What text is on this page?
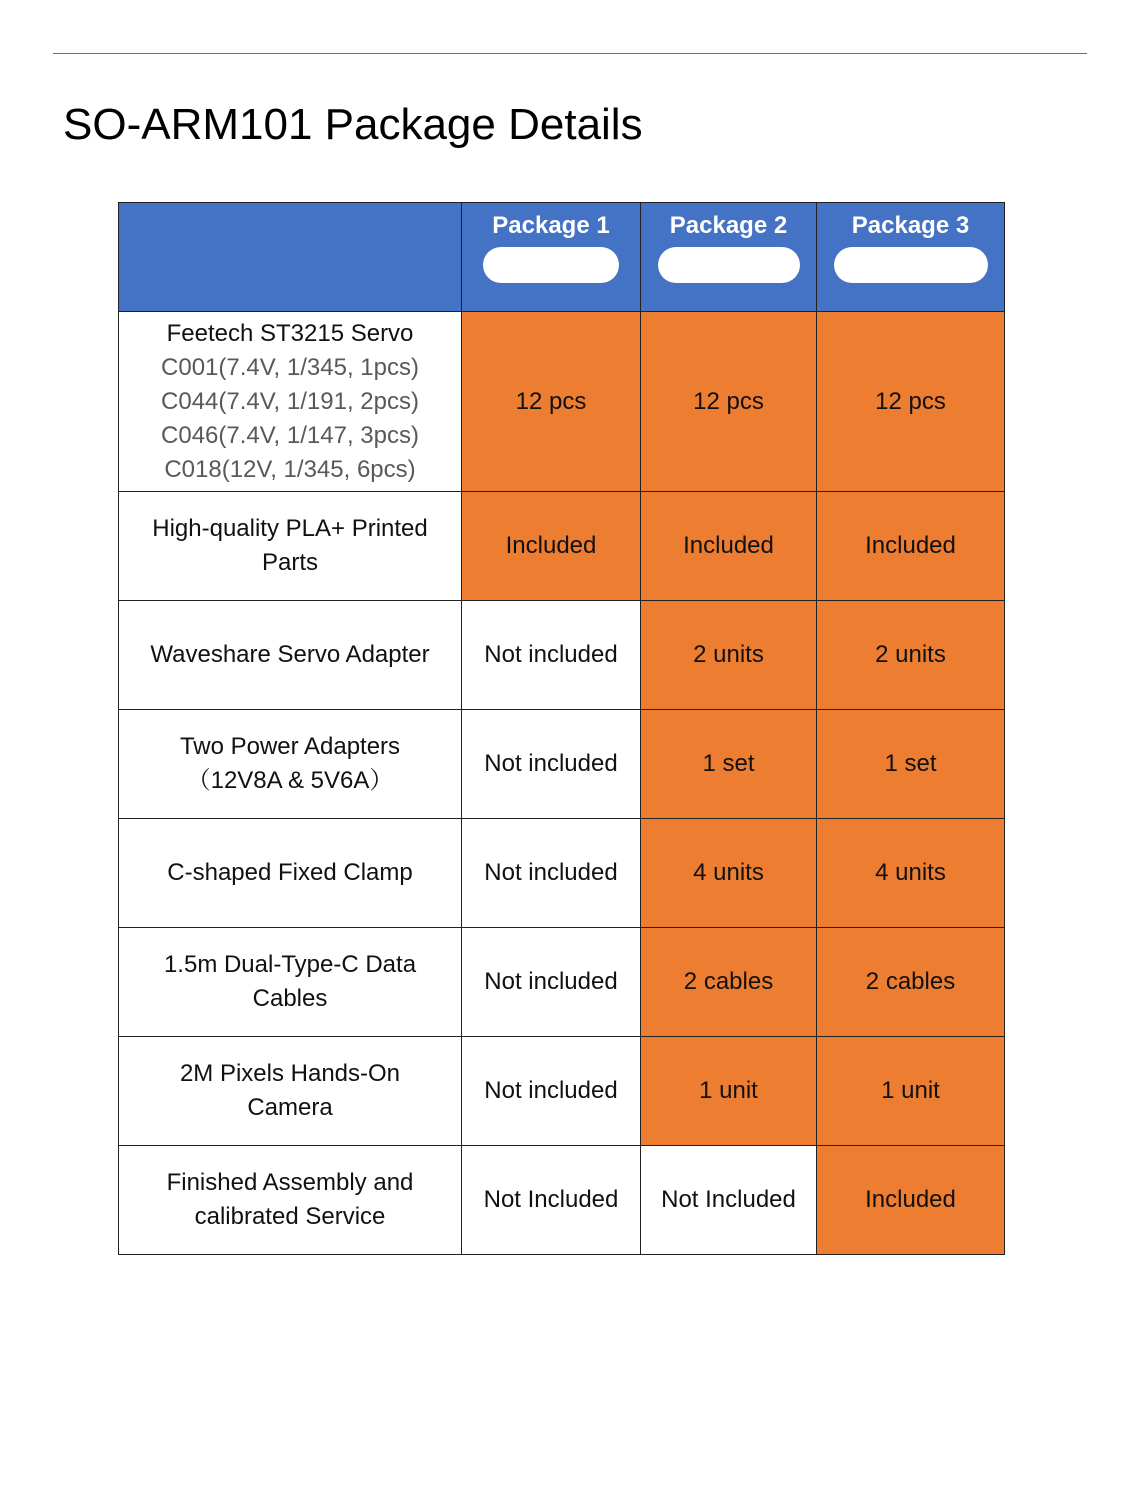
SO-ARM101 Package Details

	Package 1	Package 2	Package 3

Feetech ST3215 Servo
C001(7.4V, 1/345, 1pcs)
C044(7.4V, 1/191, 2pcs)
C046(7.4V, 1/147, 3pcs)
C018(12V, 1/345, 6pcs)	12 pcs	12 pcs	12 pcs
High-quality PLA+ Printed Parts	Included	Included	Included
Waveshare Servo Adapter	Not included	2 units	2 units
Two Power Adapters （12V8A & 5V6A）	Not included	1 set	1 set
C-shaped Fixed Clamp	Not included	4 units	4 units
1.5m Dual-Type-C Data Cables	Not included	2 cables	2 cables
2M Pixels Hands-On Camera	Not included	1 unit	1 unit
Finished Assembly and calibrated Service	Not Included	Not Included	Included
